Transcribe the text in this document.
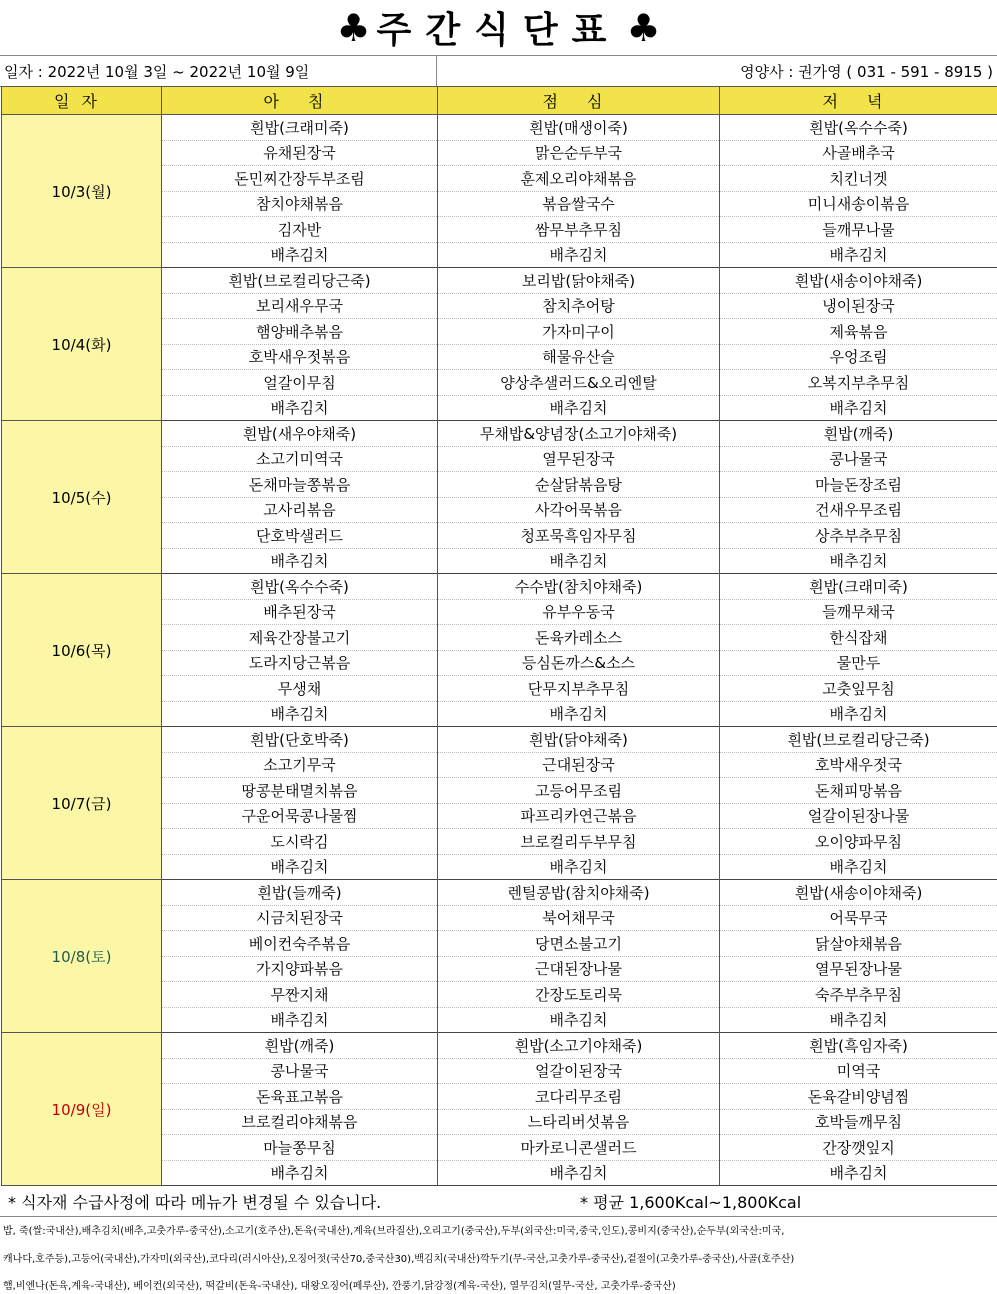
♣ 주간식단표 ♣
일자 : 2022년 10월 3일 ~ 2022년 10월 9일	영양사 : 권가영 ( 031 - 591 - 8915 )
일자	아 침	점 심	저 녁
10/3(월)	흰밥(크래미죽)	흰밥(매생이죽)	흰밥(옥수수죽)
	유채된장국	맑은순두부국	사골배추국
	돈민찌간장두부조림	훈제오리야채볶음	치킨너겟
	참치야채볶음	볶음쌀국수	미니새송이볶음
	김자반	쌈무부추무침	들깨무나물
	배추김치	배추김치	배추김치
10/4(화)	흰밥(브로컬리당근죽)	보리밥(닭야채죽)	흰밥(새송이야채죽)
	보리새우무국	참치추어탕	냉이된장국
	햄양배추볶음	가자미구이	제육볶음
	호박새우젓볶음	해물유산슬	우엉조림
	얼갈이무침	양상추샐러드&오리엔탈	오복지부추무침
	배추김치	배추김치	배추김치
10/5(수)	흰밥(새우야채죽)	무채밥&양념장(소고기야채죽)	흰밥(깨죽)
	소고기미역국	열무된장국	콩나물국
	돈채마늘쫑볶음	순살닭볶음탕	마늘돈장조림
	고사리볶음	사각어묵볶음	건새우무조림
	단호박샐러드	청포묵흑임자무침	상추부추무침
	배추김치	배추김치	배추김치
10/6(목)	흰밥(옥수수죽)	수수밥(참치야채죽)	흰밥(크래미죽)
	배추된장국	유부우동국	들깨무채국
	제육간장불고기	돈육카레소스	한식잡채
	도라지당근볶음	등심돈까스&소스	물만두
	무생채	단무지부추무침	고춧잎무침
	배추김치	배추김치	배추김치
10/7(금)	흰밥(단호박죽)	흰밥(닭야채죽)	흰밥(브로컬리당근죽)
	소고기무국	근대된장국	호박새우젓국
	땅콩분태멸치볶음	고등어무조림	돈채피망볶음
	구운어묵콩나물찜	파프리카연근볶음	얼갈이된장나물
	도시락김	브로컬리두부무침	오이양파무침
	배추김치	배추김치	배추김치
10/8(토)	흰밥(들깨죽)	렌틸콩밥(참치야채죽)	흰밥(새송이야채죽)
	시금치된장국	북어채무국	어묵무국
	베이컨숙주볶음	당면소불고기	닭살야채볶음
	가지양파볶음	근대된장나물	열무된장나물
	무짠지채	간장도토리묵	숙주부추무침
	배추김치	배추김치	배추김치
10/9(일)	흰밥(깨죽)	흰밥(소고기야채죽)	흰밥(흑임자죽)
	콩나물국	얼갈이된장국	미역국
	돈육표고볶음	코다리무조림	돈육갈비양념찜
	브로컬리야채볶음	느타리버섯볶음	호박들깨무침
	마늘쫑무침	마카로니콘샐러드	간장깻잎지
	배추김치	배추김치	배추김치
* 식자재 수급사정에 따라 메뉴가 변경될 수 있습니다.	* 평균 1,600Kcal~1,800Kcal
밥, 죽(쌀:국내산),배추김치(배추,고춧가루-중국산),소고기(호주산),돈육(국내산),계육(브라질산),오리고기(중국산),두부(외국산:미국,중국,인도),콩비지(중국산),순두부(외국산:미국,
캐나다,호주등),고등어(국내산),가자미(외국산),코다리(러시아산),오징어젓(국산70,중국산30),백김치(국내산)깍두기(무-국산,고춧가루-중국산),겉절이(고춧가루-중국산),사골(호주산)
햄,비엔나(돈육,계육-국내산), 베이컨(외국산), 떡갈비(돈육-국내산), 대왕오징어(페루산), 깐풍기,닭강정(계육-국산), 열무김치(열무-국산, 고춧가루-중국산)
